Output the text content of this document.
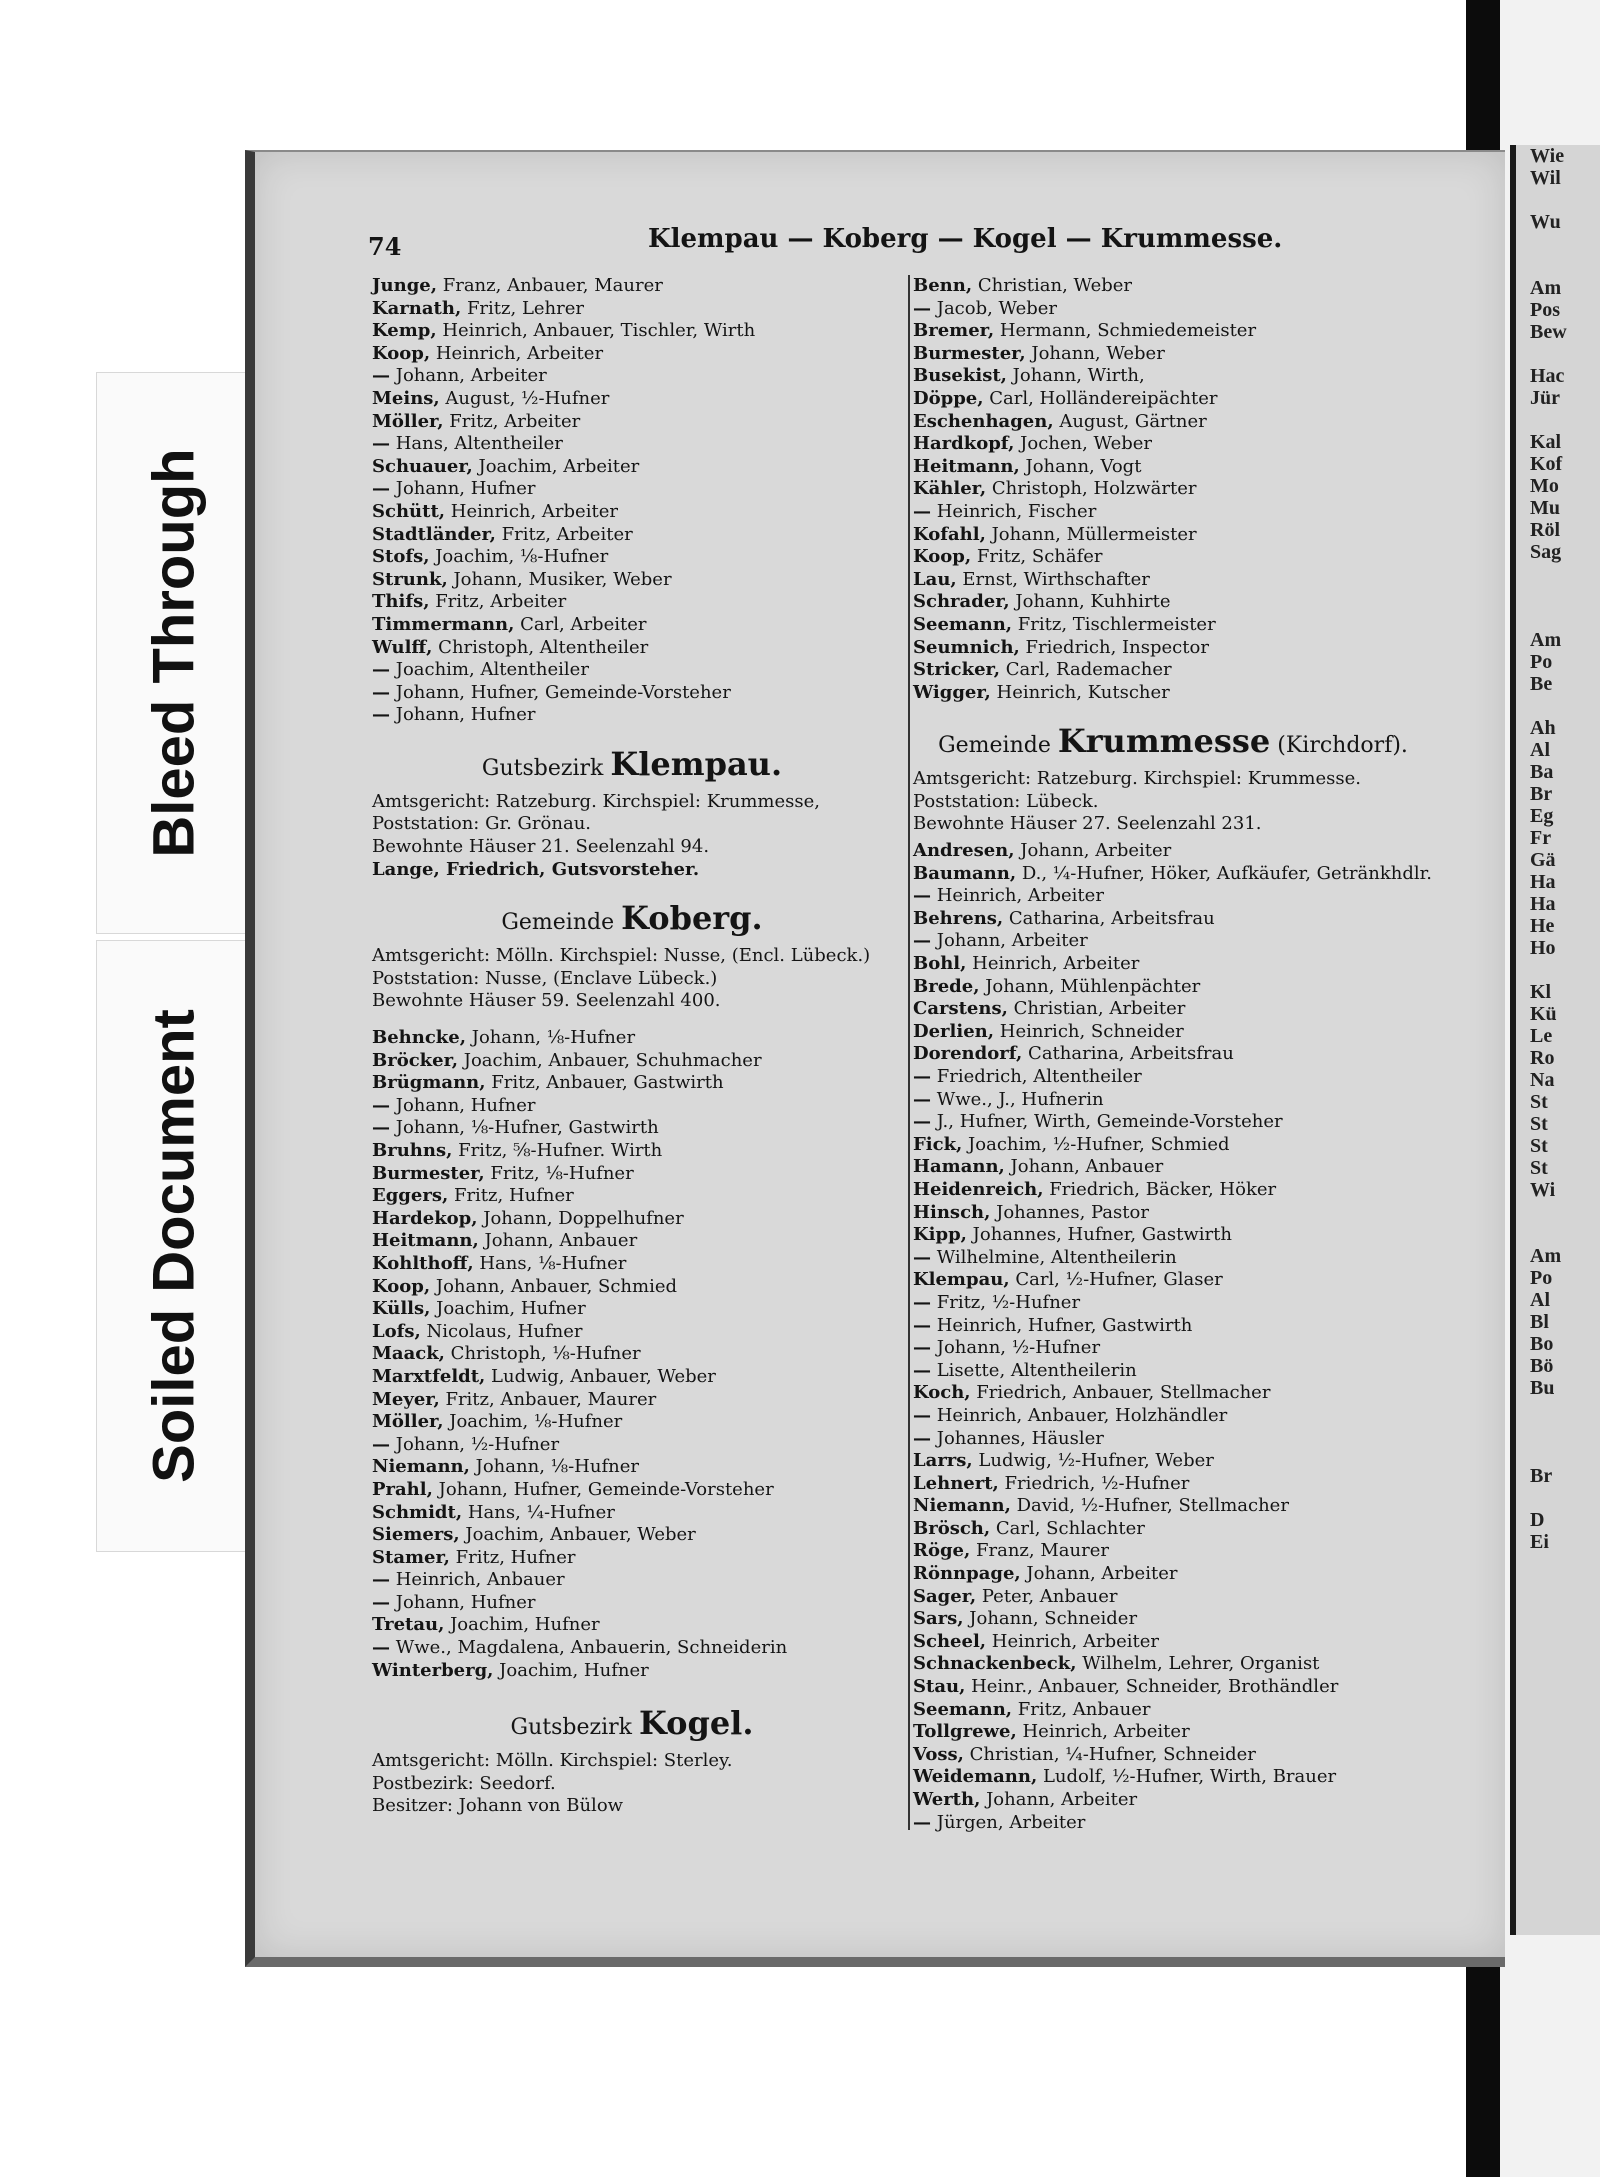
Wie
Wil
Wu
Am
Pos
Bew
Hac
Jür
Kal
Kof
Mo
Mu
Röl
Sag
Am
Po
Be
Ah
Al
Ba
Br
Eg
Fr
Gä
Ha
Ha
He
Ho
Kl
Kü
Le
Ro
Na
St
St
St
St
Wi
Am
Po
Al
Bl
Bo
Bö
Bu
Br
D
Ei
Bleed Through
Soiled Document
74	Klempau — Koberg — Kogel — Krummesse.
Junge, Franz, Anbauer, Maurer
Karnath, Fritz, Lehrer
Kemp, Heinrich, Anbauer, Tischler, Wirth
Koop, Heinrich, Arbeiter
— Johann, Arbeiter
Meins, August, ½-Hufner
Möller, Fritz, Arbeiter
— Hans, Altentheiler
Schuauer, Joachim, Arbeiter
— Johann, Hufner
Schütt, Heinrich, Arbeiter
Stadtländer, Fritz, Arbeiter
Stofs, Joachim, ⅛-Hufner
Strunk, Johann, Musiker, Weber
Thifs, Fritz, Arbeiter
Timmermann, Carl, Arbeiter
Wulff, Christoph, Altentheiler
— Joachim, Altentheiler
— Johann, Hufner, Gemeinde-Vorsteher
— Johann, Hufner
Gutsbezirk Klempau.
Amtsgericht: Ratzeburg. Kirchspiel: Krummesse,
Poststation: Gr. Grönau.
Bewohnte Häuser 21. Seelenzahl 94.
Lange, Friedrich, Gutsvorsteher.
Gemeinde Koberg.
Amtsgericht: Mölln. Kirchspiel: Nusse, (Encl. Lübeck.)
Poststation: Nusse, (Enclave Lübeck.)
Bewohnte Häuser 59. Seelenzahl 400.
Behncke, Johann, ⅛-Hufner
Bröcker, Joachim, Anbauer, Schuhmacher
Brügmann, Fritz, Anbauer, Gastwirth
— Johann, Hufner
— Johann, ⅛-Hufner, Gastwirth
Bruhns, Fritz, ⅝-Hufner. Wirth
Burmester, Fritz, ⅛-Hufner
Eggers, Fritz, Hufner
Hardekop, Johann, Doppelhufner
Heitmann, Johann, Anbauer
Kohlthoff, Hans, ⅛-Hufner
Koop, Johann, Anbauer, Schmied
Külls, Joachim, Hufner
Lofs, Nicolaus, Hufner
Maack, Christoph, ⅛-Hufner
Marxtfeldt, Ludwig, Anbauer, Weber
Meyer, Fritz, Anbauer, Maurer
Möller, Joachim, ⅛-Hufner
— Johann, ½-Hufner
Niemann, Johann, ⅛-Hufner
Prahl, Johann, Hufner, Gemeinde-Vorsteher
Schmidt, Hans, ¼-Hufner
Siemers, Joachim, Anbauer, Weber
Stamer, Fritz, Hufner
— Heinrich, Anbauer
— Johann, Hufner
Tretau, Joachim, Hufner
— Wwe., Magdalena, Anbauerin, Schneiderin
Winterberg, Joachim, Hufner
Gutsbezirk Kogel.
Amtsgericht: Mölln. Kirchspiel: Sterley.
Postbezirk: Seedorf.
Besitzer: Johann von Bülow
Benn, Christian, Weber
— Jacob, Weber
Bremer, Hermann, Schmiedemeister
Burmester, Johann, Weber
Busekist, Johann, Wirth,
Döppe, Carl, Holländereipächter
Eschenhagen, August, Gärtner
Hardkopf, Jochen, Weber
Heitmann, Johann, Vogt
Kähler, Christoph, Holzwärter
— Heinrich, Fischer
Kofahl, Johann, Müllermeister
Koop, Fritz, Schäfer
Lau, Ernst, Wirthschafter
Schrader, Johann, Kuhhirte
Seemann, Fritz, Tischlermeister
Seumnich, Friedrich, Inspector
Stricker, Carl, Rademacher
Wigger, Heinrich, Kutscher
Gemeinde Krummesse (Kirchdorf).
Amtsgericht: Ratzeburg. Kirchspiel: Krummesse.
Poststation: Lübeck.
Bewohnte Häuser 27. Seelenzahl 231.
Andresen, Johann, Arbeiter
Baumann, D., ¼-Hufner, Höker, Aufkäufer, Getränkhdlr.
— Heinrich, Arbeiter
Behrens, Catharina, Arbeitsfrau
— Johann, Arbeiter
Bohl, Heinrich, Arbeiter
Brede, Johann, Mühlenpächter
Carstens, Christian, Arbeiter
Derlien, Heinrich, Schneider
Dorendorf, Catharina, Arbeitsfrau
— Friedrich, Altentheiler
— Wwe., J., Hufnerin
— J., Hufner, Wirth, Gemeinde-Vorsteher
Fick, Joachim, ½-Hufner, Schmied
Hamann, Johann, Anbauer
Heidenreich, Friedrich, Bäcker, Höker
Hinsch, Johannes, Pastor
Kipp, Johannes, Hufner, Gastwirth
— Wilhelmine, Altentheilerin
Klempau, Carl, ½-Hufner, Glaser
— Fritz, ½-Hufner
— Heinrich, Hufner, Gastwirth
— Johann, ½-Hufner
— Lisette, Altentheilerin
Koch, Friedrich, Anbauer, Stellmacher
— Heinrich, Anbauer, Holzhändler
— Johannes, Häusler
Larrs, Ludwig, ½-Hufner, Weber
Lehnert, Friedrich, ½-Hufner
Niemann, David, ½-Hufner, Stellmacher
Brösch, Carl, Schlachter
Röge, Franz, Maurer
Rönnpage, Johann, Arbeiter
Sager, Peter, Anbauer
Sars, Johann, Schneider
Scheel, Heinrich, Arbeiter
Schnackenbeck, Wilhelm, Lehrer, Organist
Stau, Heinr., Anbauer, Schneider, Brothändler
Seemann, Fritz, Anbauer
Tollgrewe, Heinrich, Arbeiter
Voss, Christian, ¼-Hufner, Schneider
Weidemann, Ludolf, ½-Hufner, Wirth, Brauer
Werth, Johann, Arbeiter
— Jürgen, Arbeiter
